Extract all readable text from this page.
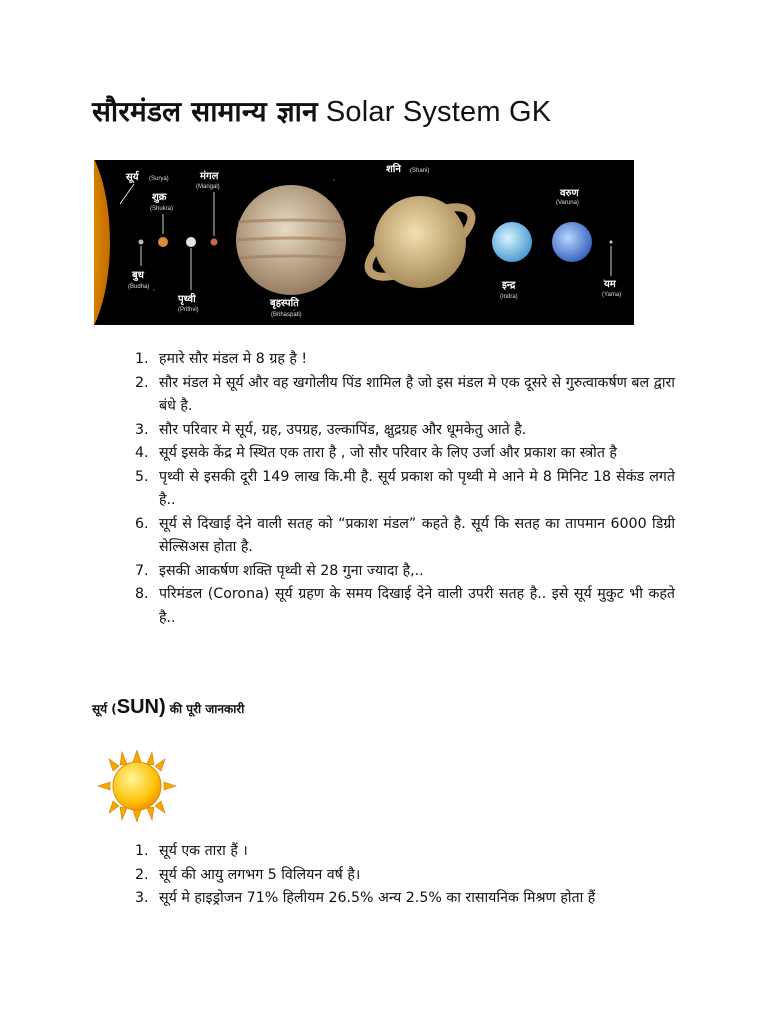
सौरमंडल सामान्य ज्ञान Solar System GK
सूर्य (Surya)
शुक्र
(Shukra)
मंगल
(Mangal)
बुध
(Budha)
पृथ्वी
(Prithvi)
बृहस्पति
(Brihaspati)
शनि (Shani)
इन्द्र
(Indra)
वरुण
(Varuna)
यम
(Yama)
1. हमारे सौर मंडल मे 8 ग्रह है !
2. सौर मंडल मे सूर्य और वह खगोलीय पिंड शामिल है जो इस मंडल मे एक दूसरे से गुरुत्वाकर्षण बल द्वारा बंधे है.
3. सौर परिवार मे सूर्य, ग्रह, उपग्रह, उल्कापिंड, क्षुद्रग्रह और धूमकेतु आते है.
4. सूर्य इसके केंद्र मे स्थित एक तारा है , जो सौर परिवार के लिए उर्जा और प्रकाश का स्त्रोत है
5. पृथ्वी से इसकी दूरी 149 लाख कि.मी है. सूर्य प्रकाश को पृथ्वी मे आने मे 8 मिनिट 18 सेकंड लगते है..
6. सूर्य से दिखाई देने वाली सतह को “प्रकाश मंडल” कहते है. सूर्य कि सतह का तापमान 6000 डिग्री सेल्सिअस होता है.
7. इसकी आकर्षण शक्ति पृथ्वी से 28 गुना ज्यादा है,..
8. परिमंडल (Corona) सूर्य ग्रहण के समय दिखाई देने वाली उपरी सतह है.. इसे सूर्य मुकुट भी कहते है..
सूर्य (SUN) की पूरी जानकारी
1. सूर्य एक तारा हैं ।
2. सूर्य की आयु लगभग 5 विलियन वर्ष है।
3. सूर्य मे हाइड्रोजन 71% हिलीयम 26.5% अन्य 2.5% का रासायनिक मिश्रण होता हैं
